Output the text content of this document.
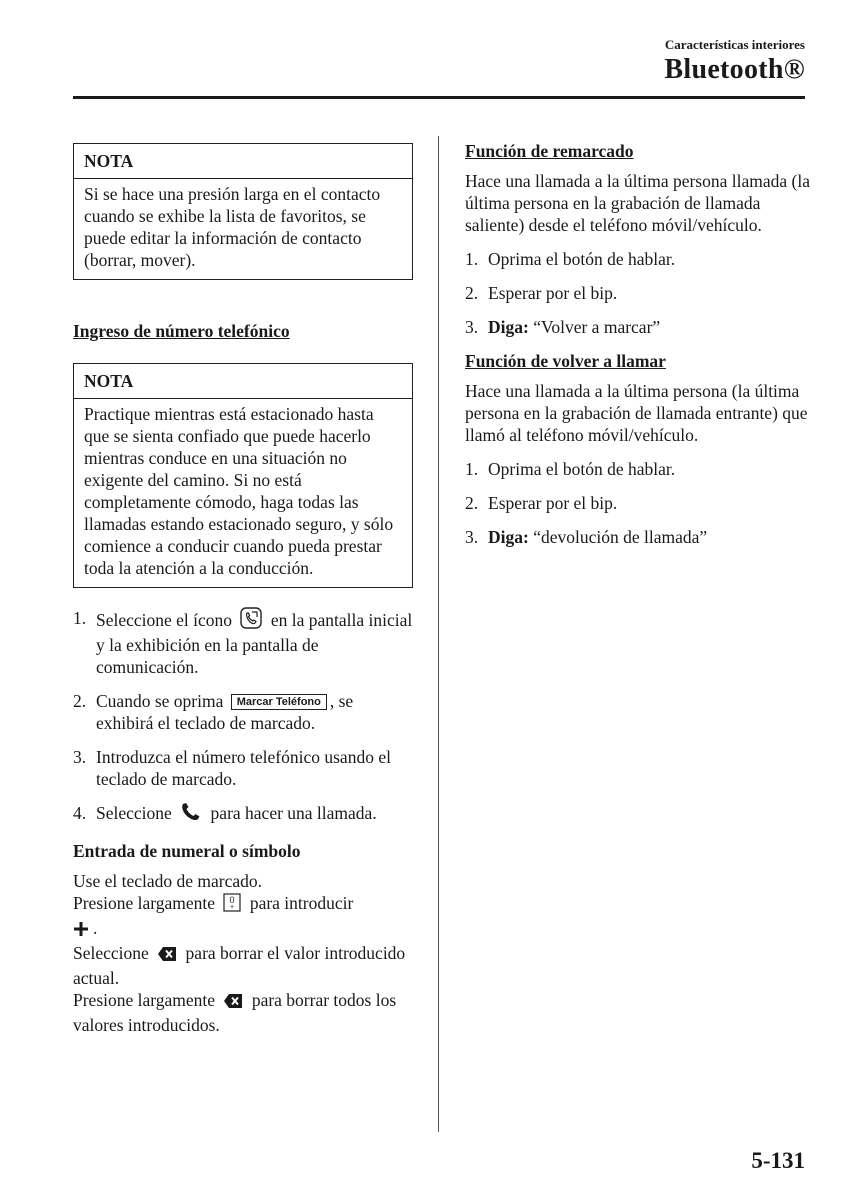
Características interiores
Bluetooth®
NOTA
Si se hace una presión larga en el contacto cuando se exhibe la lista de favoritos, se puede editar la información de contacto (borrar, mover).
Ingreso de número telefónico
NOTA
Practique mientras está estacionado hasta que se sienta confiado que puede hacerlo mientras conduce en una situación no exigente del camino. Si no está completamente cómodo, haga todas las llamadas estando estacionado seguro, y sólo comience a conducir cuando pueda prestar toda la atención a la conducción.
1. Seleccione el ícono en la pantalla inicial y la exhibición en la pantalla de comunicación.
2. Cuando se oprima Marcar Teléfono , se exhibirá el teclado de marcado.
3. Introduzca el número telefónico usando el teclado de marcado.
4. Seleccione para hacer una llamada.
Entrada de numeral o símbolo
Use el teclado de marcado.
Presione largamente 0
+ para introducir
.
Seleccione para borrar el valor introducido actual.
Presione largamente para borrar todos los valores introducidos.
Función de remarcado
Hace una llamada a la última persona llamada (la última persona en la grabación de llamada saliente) desde el teléfono móvil/vehículo.
1. Oprima el botón de hablar.
2. Esperar por el bip.
3. Diga: “Volver a marcar”
Función de volver a llamar
Hace una llamada a la última persona (la última persona en la grabación de llamada entrante) que llamó al teléfono móvil/vehículo.
1. Oprima el botón de hablar.
2. Esperar por el bip.
3. Diga: “devolución de llamada”
5-131
